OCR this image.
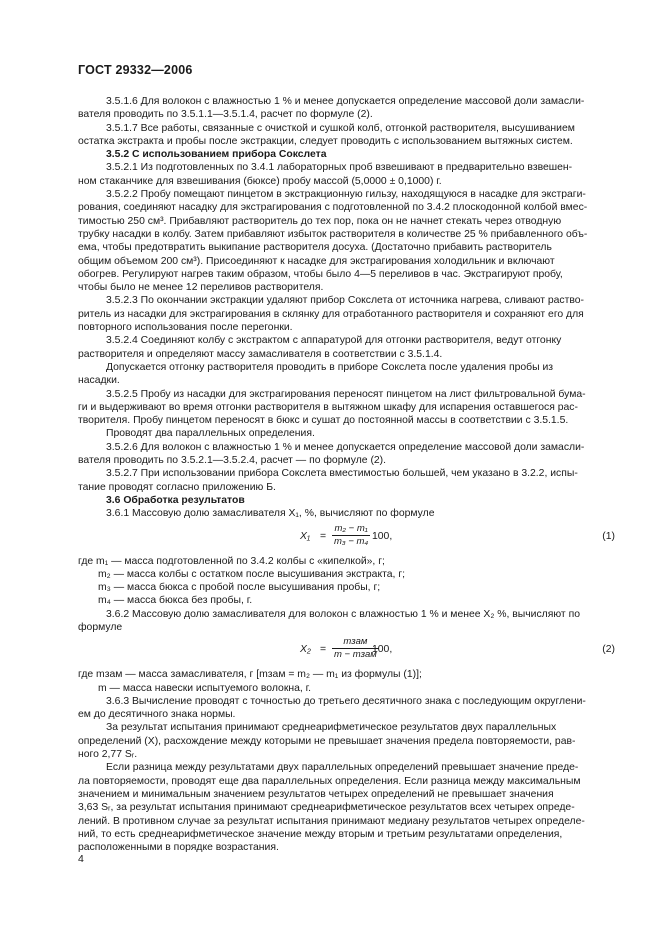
ГОСТ 29332—2006

3.5.1.6 Для волокон с влажностью 1 % и менее допускается определение массовой доли замасли-

вателя проводить по 3.5.1.1—3.5.1.4, расчет по формуле (2).

3.5.1.7 Все работы, связанные с очисткой и сушкой колб, отгонкой растворителя, высушиванием

остатка экстракта и пробы после экстракции, следует проводить с использованием вытяжных систем.

3.5.2 С использованием прибора Сокслета

3.5.2.1 Из подготовленных по 3.4.1 лабораторных проб взвешивают в предварительно взвешен-

ном стаканчике для взвешивания (бюксе) пробу массой (5,0000 ± 0,1000) г.

3.5.2.2 Пробу помещают пинцетом в экстракционную гильзу, находящуюся в насадке для экстраги-

рования, соединяют насадку для экстрагирования с подготовленной по 3.4.2 плоскодонной колбой вмес-

тимостью 250 см³. Прибавляют растворитель до тех пор, пока он не начнет стекать через отводную

трубку насадки в колбу. Затем прибавляют избыток растворителя в количестве 25 % прибавленного объ-

ема, чтобы предотвратить выкипание растворителя досуха. (Достаточно прибавить растворитель

общим объемом 200 см³). Присоединяют к насадке для экстрагирования холодильник и включают

обогрев. Регулируют нагрев таким образом, чтобы было 4—5 переливов в час. Экстрагируют пробу,

чтобы было не менее 12 переливов растворителя.

3.5.2.3 По окончании экстракции удаляют прибор Сокслета от источника нагрева, сливают раство-

ритель из насадки для экстрагирования в склянку для отработанного растворителя и сохраняют его для

повторного использования после перегонки.

3.5.2.4 Соединяют колбу с экстрактом с аппаратурой для отгонки растворителя, ведут отгонку

растворителя и определяют массу замасливателя в соответствии с 3.5.1.4.

Допускается отгонку растворителя проводить в приборе Сокслета после удаления пробы из

насадки.

3.5.2.5 Пробу из насадки для экстрагирования переносят пинцетом на лист фильтровальной бума-

ги и выдерживают во время отгонки растворителя в вытяжном шкафу для испарения оставшегося рас-

творителя. Пробу пинцетом переносят в бюкс и сушат до постоянной массы в соответствии с 3.5.1.5.

Проводят два параллельных определения.

3.5.2.6 Для волокон с влажностью 1 % и менее допускается определение массовой доли замасли-

вателя проводить по 3.5.2.1—3.5.2.4, расчет — по формуле (2).

3.5.2.7 При использовании прибора Сокслета вместимостью большей, чем указано в 3.2.2, испы-

тание проводят согласно приложению Б.

3.6 Обработка результатов

3.6.1 Массовую долю замасливателя X₁, %, вычисляют по формуле

$X_1 = \frac{\text{m₂ − m₁}}{\text{m₃ − m₄}} 100$,	(1)

где m₁ — масса подготовленной по 3.4.2 колбы с «кипелкой», г;

m₂ — масса колбы с остатком после высушивания экстракта, г;

m₃ — масса бюкса с пробой после высушивания пробы, г;

m₄ — масса бюкса без пробы, г.

3.6.2 Массовую долю замасливателя для волокон с влажностью 1 % и менее X₂ %, вычисляют по

формуле

X₂ =
mзам
m − mзам
100,	(2)

где mзам — масса замасливателя, г [mзам = m₂ — m₁ из формулы (1)];

m — масса навески испытуемого волокна, г.

3.6.3 Вычисление проводят с точностью до третьего десятичного знака с последующим округлени-

ем до десятичного знака нормы.

За результат испытания принимают среднеарифметическое результатов двух параллельных

определений (X), расхождение между которыми не превышает значения предела повторяемости, рав-

ного 2,77 Sᵣ.

Если разница между результатами двух параллельных определений превышает значение преде-

ла повторяемости, проводят еще два параллельных определения. Если разница между максимальным

значением и минимальным значением результатов четырех определений не превышает значения

3,63 Sᵣ, за результат испытания принимают среднеарифметическое результатов всех четырех опреде-

лений. В противном случае за результат испытания принимают медиану результатов четырех определе-

ний, то есть среднеарифметическое значение между вторым и третьим результатами определения,

расположенными в порядке возрастания.

4
